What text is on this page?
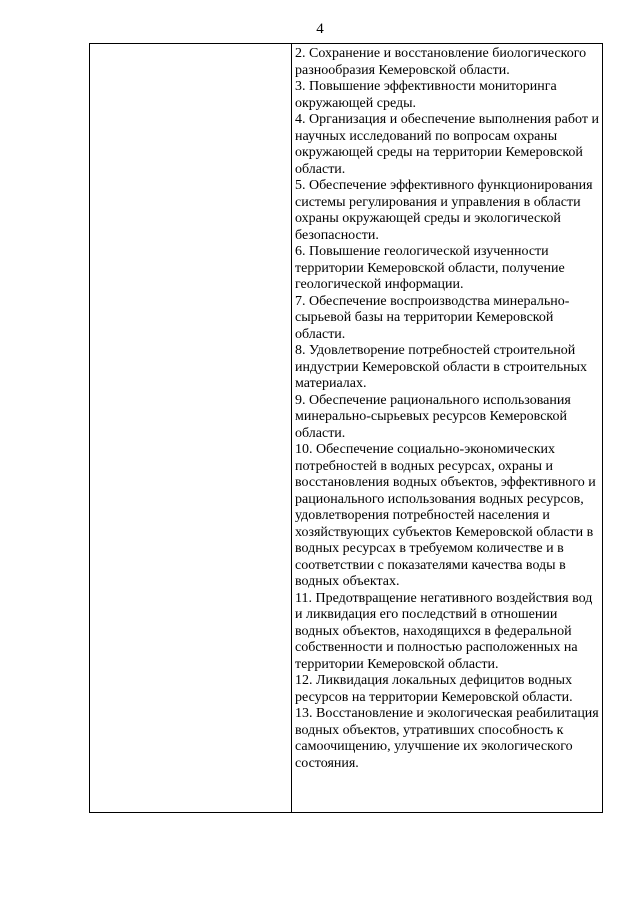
4

2. Сохранение и восстановление биологического разнообразия Кемеровской области.

3. Повышение эффективности мониторинга окружающей среды.

4. Организация и обеспечение выполнения работ и научных исследований по вопросам охраны окружающей среды на территории Кемеровской области.

5. Обеспечение эффективного функционирования системы регулирования и управления в области охраны окружающей среды и экологической безопасности.

6. Повышение геологической изученности территории Кемеровской области, получение геологической информации.

7. Обеспечение воспроизводства минерально-сырьевой базы на территории Кемеровской области.

8. Удовлетворение потребностей строительной индустрии Кемеровской области в строительных материалах.

9. Обеспечение рационального использования минерально-сырьевых ресурсов Кемеровской области.

10. Обеспечение социально-экономических потребностей в водных ресурсах, охраны и восстановления водных объектов, эффективного и рационального использования водных ресурсов, удовлетворения потребностей населения и хозяйствующих субъектов Кемеровской области в водных ресурсах в требуемом количестве и в соответствии с показателями качества воды в водных объектах.

11. Предотвращение негативного воздействия вод и ликвидация его последствий в отношении водных объектов, находящихся в федеральной собственности и полностью расположенных на территории Кемеровской области.

12. Ликвидация локальных дефицитов водных ресурсов на территории Кемеровской области.

13. Восстановление и экологическая реабилитация водных объектов, утративших способность к самоочищению, улучшение их экологического состояния.
